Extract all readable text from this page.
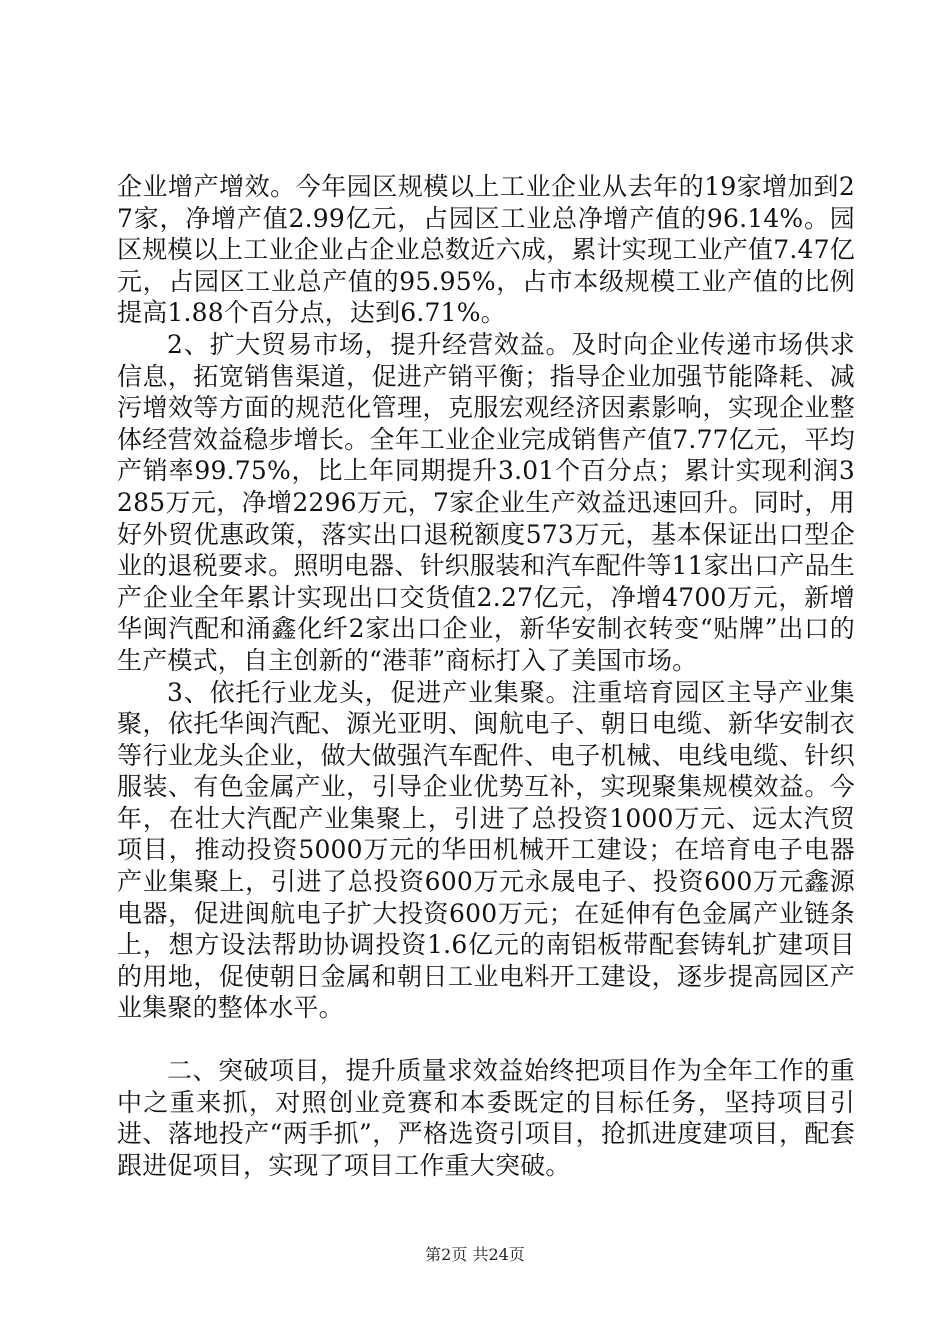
企业增产增效。今年园区规模以上工业企业从去年的19家增加到27家，净增产值2.99亿元，占园区工业总净增产值的96.14%。园区规模以上工业企业占企业总数近六成，累计实现工业产值7.47亿元，占园区工业总产值的95.95%，占市本级规模工业产值的比例提高1.88个百分点，达到6.71%。

2、扩大贸易市场，提升经营效益。及时向企业传递市场供求信息，拓宽销售渠道，促进产销平衡；指导企业加强节能降耗、减污增效等方面的规范化管理，克服宏观经济因素影响，实现企业整体经营效益稳步增长。全年工业企业完成销售产值7.77亿元，平均产销率99.75%，比上年同期提升3.01个百分点；累计实现利润3285万元，净增2296万元，7家企业生产效益迅速回升。同时，用好外贸优惠政策，落实出口退税额度573万元，基本保证出口型企业的退税要求。照明电器、针织服装和汽车配件等11家出口产品生产企业全年累计实现出口交货值2.27亿元，净增4700万元，新增华闽汽配和涌鑫化纤2家出口企业，新华安制衣转变“贴牌”出口的生产模式，自主创新的“港菲”商标打入了美国市场。

3、依托行业龙头，促进产业集聚。注重培育园区主导产业集聚，依托华闽汽配、源光亚明、闽航电子、朝日电缆、新华安制衣等行业龙头企业，做大做强汽车配件、电子机械、电线电缆、针织服装、有色金属产业，引导企业优势互补，实现聚集规模效益。今年，在壮大汽配产业集聚上，引进了总投资1000万元、远太汽贸项目，推动投资5000万元的华田机械开工建设；在培育电子电器产业集聚上，引进了总投资600万元永晟电子、投资600万元鑫源电器，促进闽航电子扩大投资600万元；在延伸有色金属产业链条上，想方设法帮助协调投资1.6亿元的南铝板带配套铸轧扩建项目的用地，促使朝日金属和朝日工业电料开工建设，逐步提高园区产业集聚的整体水平。

二、突破项目，提升质量求效益始终把项目作为全年工作的重中之重来抓，对照创业竞赛和本委既定的目标任务，坚持项目引进、落地投产“两手抓”，严格选资引项目，抢抓进度建项目，配套跟进促项目，实现了项目工作重大突破。

第2页 共24页
